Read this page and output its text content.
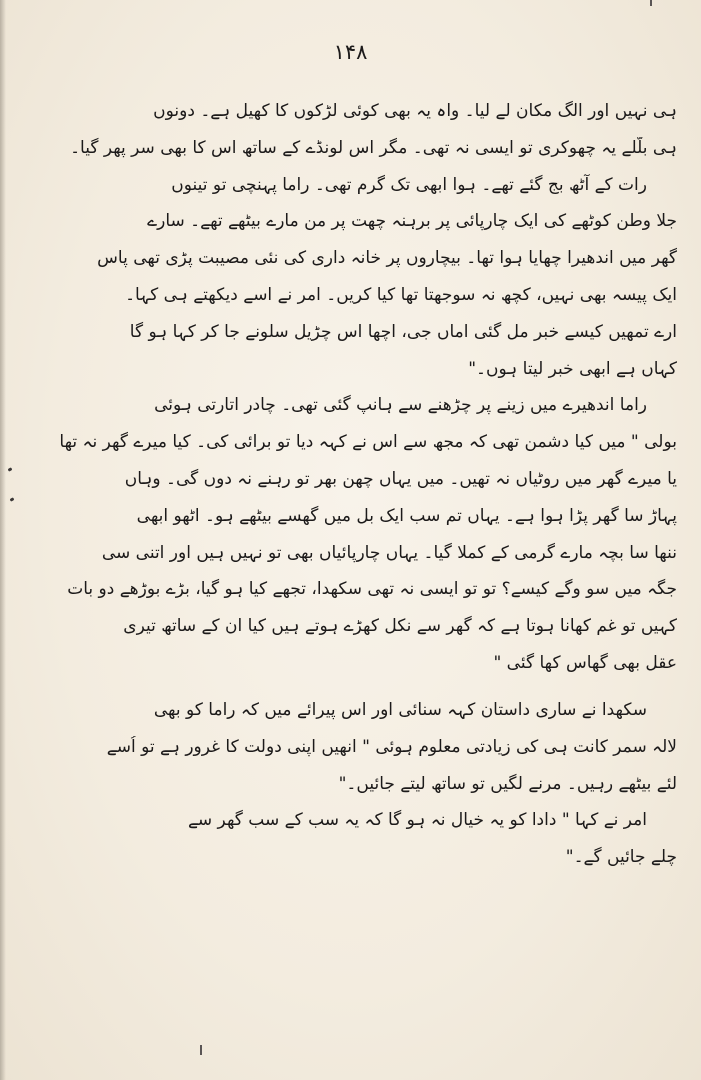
۱۴۸
ہی نہیں اور الگ مکان لے لیا۔ واہ یہ بھی کوئی لڑکوں کا کھیل ہے۔ دونوں
ہی بلّلے یہ چھوکری تو ایسی نہ تھی۔ مگر اس لونڈے کے ساتھ اس کا بھی سر پھر گیا۔
رات کے آٹھ بج گئے تھے۔ ہوا ابھی تک گرم تھی۔ راما پہنچی تو تینوں
جلا وطن کوٹھے کی ایک چارپائی پر برہنہ چھت پر من مارے بیٹھے تھے۔ سارے
گھر میں اندھیرا چھایا ہوا تھا۔ بیچاروں پر خانہ داری کی نئی مصیبت پڑی تھی پاس
ایک پیسہ بھی نہیں، کچھ نہ سوجھتا تھا کیا کریں۔ امر نے اسے دیکھتے ہی کہا۔
ارے تمھیں کیسے خبر مل گئی اماں جی، اچھا اس چڑیل سلونے جا کر کہا ہو گا
کہاں ہے ابھی خبر لیتا ہوں۔"
راما اندھیرے میں زینے پر چڑھنے سے ہانپ گئی تھی۔ چادر اتارتی ہوئی
بولی " میں کیا دشمن تھی کہ مجھ سے اس نے کہہ دیا تو برائی کی۔ کیا میرے گھر نہ تھا
یا میرے گھر میں روٹیاں نہ تھیں۔ میں یہاں چھن بھر تو رہنے نہ دوں گی۔ وہاں
پہاڑ سا گھر پڑا ہوا ہے۔ یہاں تم سب ایک بل میں گھسے بیٹھے ہو۔ اٹھو ابھی
ننھا سا بچہ مارے گرمی کے کملا گیا۔ یہاں چارپائیاں بھی تو نہیں ہیں اور اتنی سی
جگہ میں سو وگے کیسے؟ تو تو ایسی نہ تھی سکھدا، تجھے کیا ہو گیا، بڑے بوڑھے دو بات
کہیں تو غم کھانا ہوتا ہے کہ گھر سے نکل کھڑے ہوتے ہیں کیا ان کے ساتھ تیری
عقل بھی گھاس کھا گئی "
سکھدا نے ساری داستان کہہ سنائی اور اس پیرائے میں کہ راما کو بھی
لالہ سمر کانت ہی کی زیادتی معلوم ہوئی " انھیں اپنی دولت کا غرور ہے تو اُسے
لئے بیٹھے رہیں۔ مرنے لگیں تو ساتھ لیتے جائیں۔"
امر نے کہا " دادا کو یہ خیال نہ ہو گا کہ یہ سب کے سب گھر سے
چلے جائیں گے۔"
